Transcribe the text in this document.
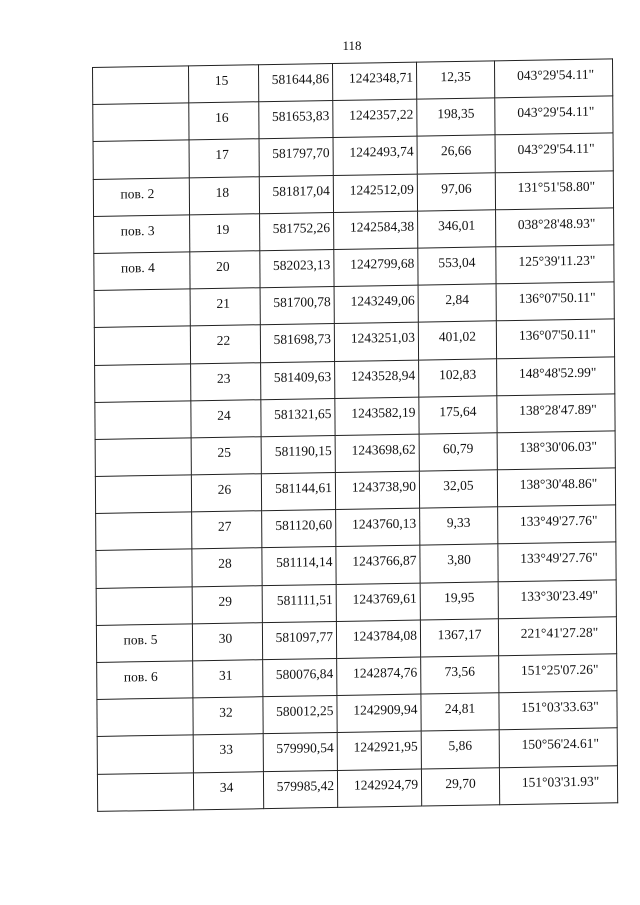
118

	15	581644,86	1242348,71	12,35	043°29'54.11"

	16	581653,83	1242357,22	198,35	043°29'54.11"

	17	581797,70	1242493,74	26,66	043°29'54.11"

пов. 2	18	581817,04	1242512,09	97,06	131°51'58.80"

пов. 3	19	581752,26	1242584,38	346,01	038°28'48.93"

пов. 4	20	582023,13	1242799,68	553,04	125°39'11.23"

	21	581700,78	1243249,06	2,84	136°07'50.11"

	22	581698,73	1243251,03	401,02	136°07'50.11"

	23	581409,63	1243528,94	102,83	148°48'52.99"

	24	581321,65	1243582,19	175,64	138°28'47.89"

	25	581190,15	1243698,62	60,79	138°30'06.03"

	26	581144,61	1243738,90	32,05	138°30'48.86"

	27	581120,60	1243760,13	9,33	133°49'27.76"

	28	581114,14	1243766,87	3,80	133°49'27.76"

	29	581111,51	1243769,61	19,95	133°30'23.49"

пов. 5	30	581097,77	1243784,08	1367,17	221°41'27.28"

пов. 6	31	580076,84	1242874,76	73,56	151°25'07.26"

	32	580012,25	1242909,94	24,81	151°03'33.63"

	33	579990,54	1242921,95	5,86	150°56'24.61"

	34	579985,42	1242924,79	29,70	151°03'31.93"
